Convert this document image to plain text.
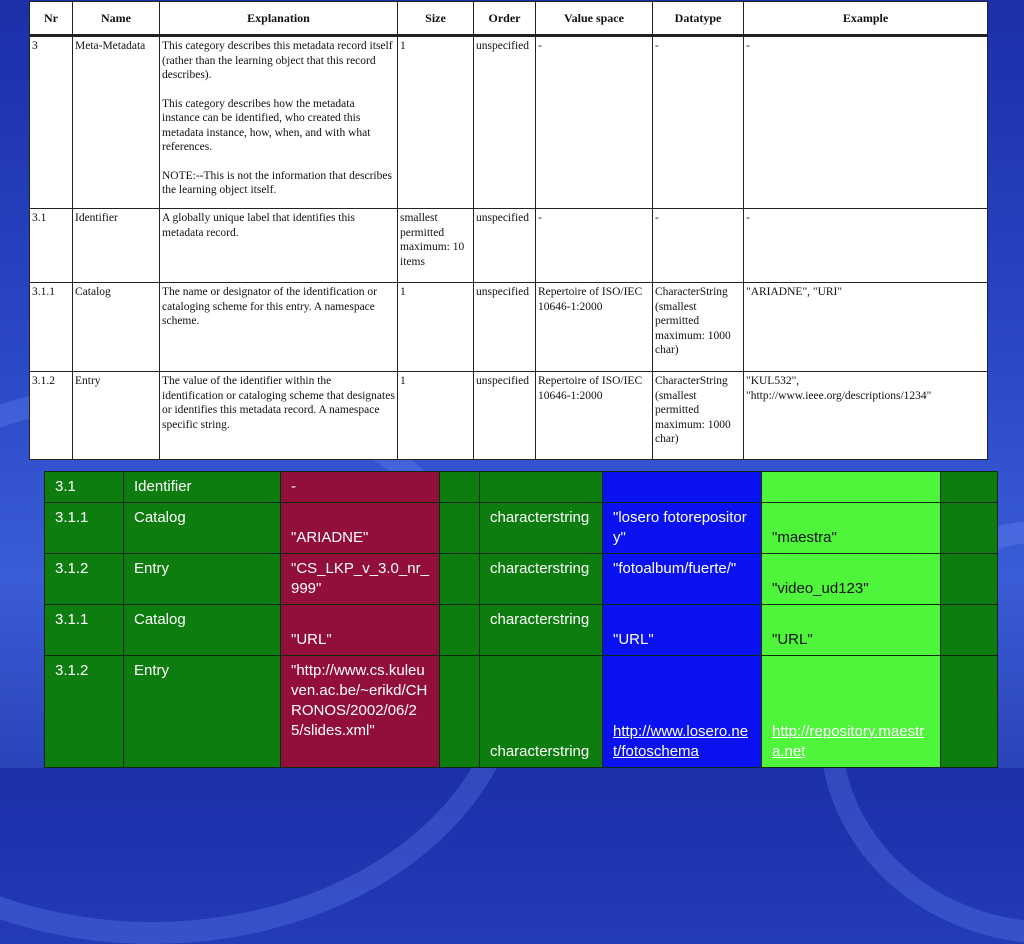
Nr	Name	Explanation	Size	Order	Value space	Datatype	Example
3	Meta-Metadata	This category describes this metadata record itself (rather than the learning object that this record describes).

This category describes how the metadata instance can be identified, who created this metadata instance, how, when, and with what references.

NOTE:--This is not the information that describes the learning object itself.	1	unspecified	-	-	-
3.1	Identifier	A globally unique label that identifies this metadata record.	smallest permitted maximum: 10 items	unspecified	-	-	-
3.1.1	Catalog	The name or designator of the identification or cataloging scheme for this entry. A namespace scheme.	1	unspecified	Repertoire of ISO/IEC 10646-1:2000	CharacterString (smallest permitted maximum: 1000 char)	"ARIADNE", "URI"
3.1.2	Entry	The value of the identifier within the identification or cataloging scheme that designates or identifies this metadata record. A namespace specific string.	1	unspecified	Repertoire of ISO/IEC 10646-1:2000	CharacterString (smallest permitted maximum: 1000 char)	"KUL532", "http://www.ieee.org/descriptions/1234"
3.1	Identifier	-					
3.1.1	Catalog	"ARIADNE"		characterstring	"losero fotorepository"	"maestra"	
3.1.2	Entry	"CS_LKP_v_3.0_nr_999"		characterstring	"fotoalbum/fuerte/"	"video_ud123"	
3.1.1	Catalog	"URL"		characterstring	"URL"	"URL"	
3.1.2	Entry	"http://www.cs.kuleuven.ac.be/~erikd/CHRONOS/2002/06/25/slides.xml"		characterstring	http://www.losero.net/fotoschema	http://repository.maestra.net	
